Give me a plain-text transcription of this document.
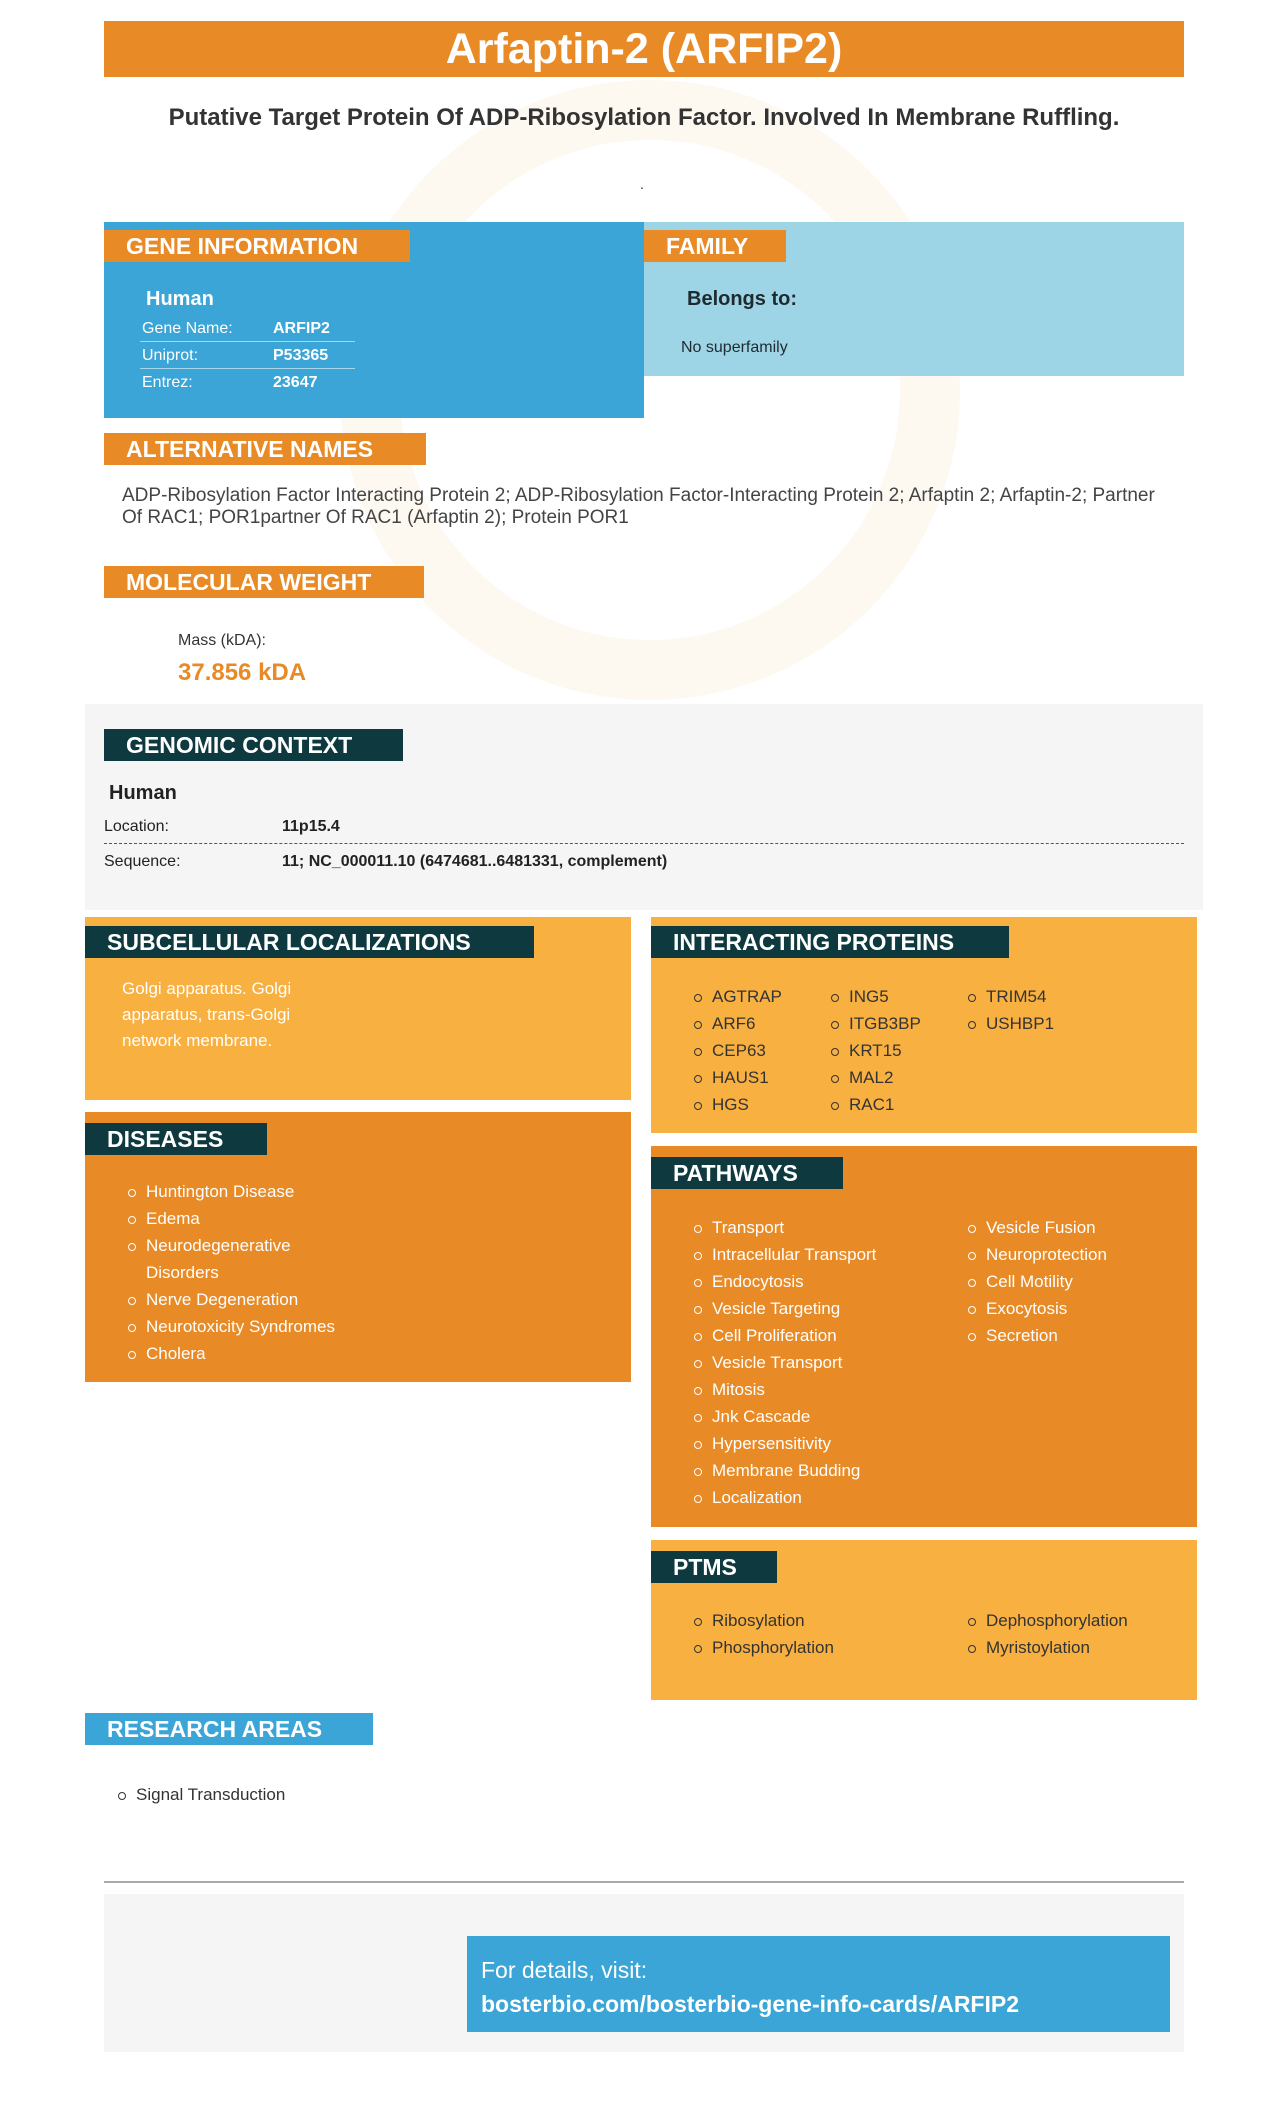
Arfaptin-2 (ARFIP2)
Putative Target Protein Of ADP-Ribosylation Factor. Involved In Membrane Ruffling.
.
GENE INFORMATION
Human
Gene Name:	ARFIP2
Uniprot:	P53365
Entrez:	23647
FAMILY
Belongs to:
No superfamily
ALTERNATIVE NAMES
ADP-Ribosylation Factor Interacting Protein 2; ADP-Ribosylation Factor-Interacting Protein 2; Arfaptin 2; Arfaptin-2; Partner Of RAC1; POR1partner Of RAC1 (Arfaptin 2); Protein POR1
MOLECULAR WEIGHT
Mass (kDA):
37.856 kDA
GENOMIC CONTEXT
Human
Location:	11p15.4
Sequence:	11; NC_000011.10 (6474681..6481331, complement)
SUBCELLULAR LOCALIZATIONS
Golgi apparatus. Golgi
apparatus, trans-Golgi
network membrane.
DISEASES
Huntington Disease
Edema
Neurodegenerative Disorders
Nerve Degeneration
Neurotoxicity Syndromes
Cholera
INTERACTING PROTEINS
AGTRAP
ARF6
CEP63
HAUS1
HGS
ING5
ITGB3BP
KRT15
MAL2
RAC1
TRIM54
USHBP1
PATHWAYS
Transport
Intracellular Transport
Endocytosis
Vesicle Targeting
Cell Proliferation
Vesicle Transport
Mitosis
Jnk Cascade
Hypersensitivity
Membrane Budding
Localization
Vesicle Fusion
Neuroprotection
Cell Motility
Exocytosis
Secretion
PTMS
Ribosylation
Phosphorylation
Dephosphorylation
Myristoylation
RESEARCH AREAS
Signal Transduction
For details, visit:
bosterbio.com/bosterbio-gene-info-cards/ARFIP2
